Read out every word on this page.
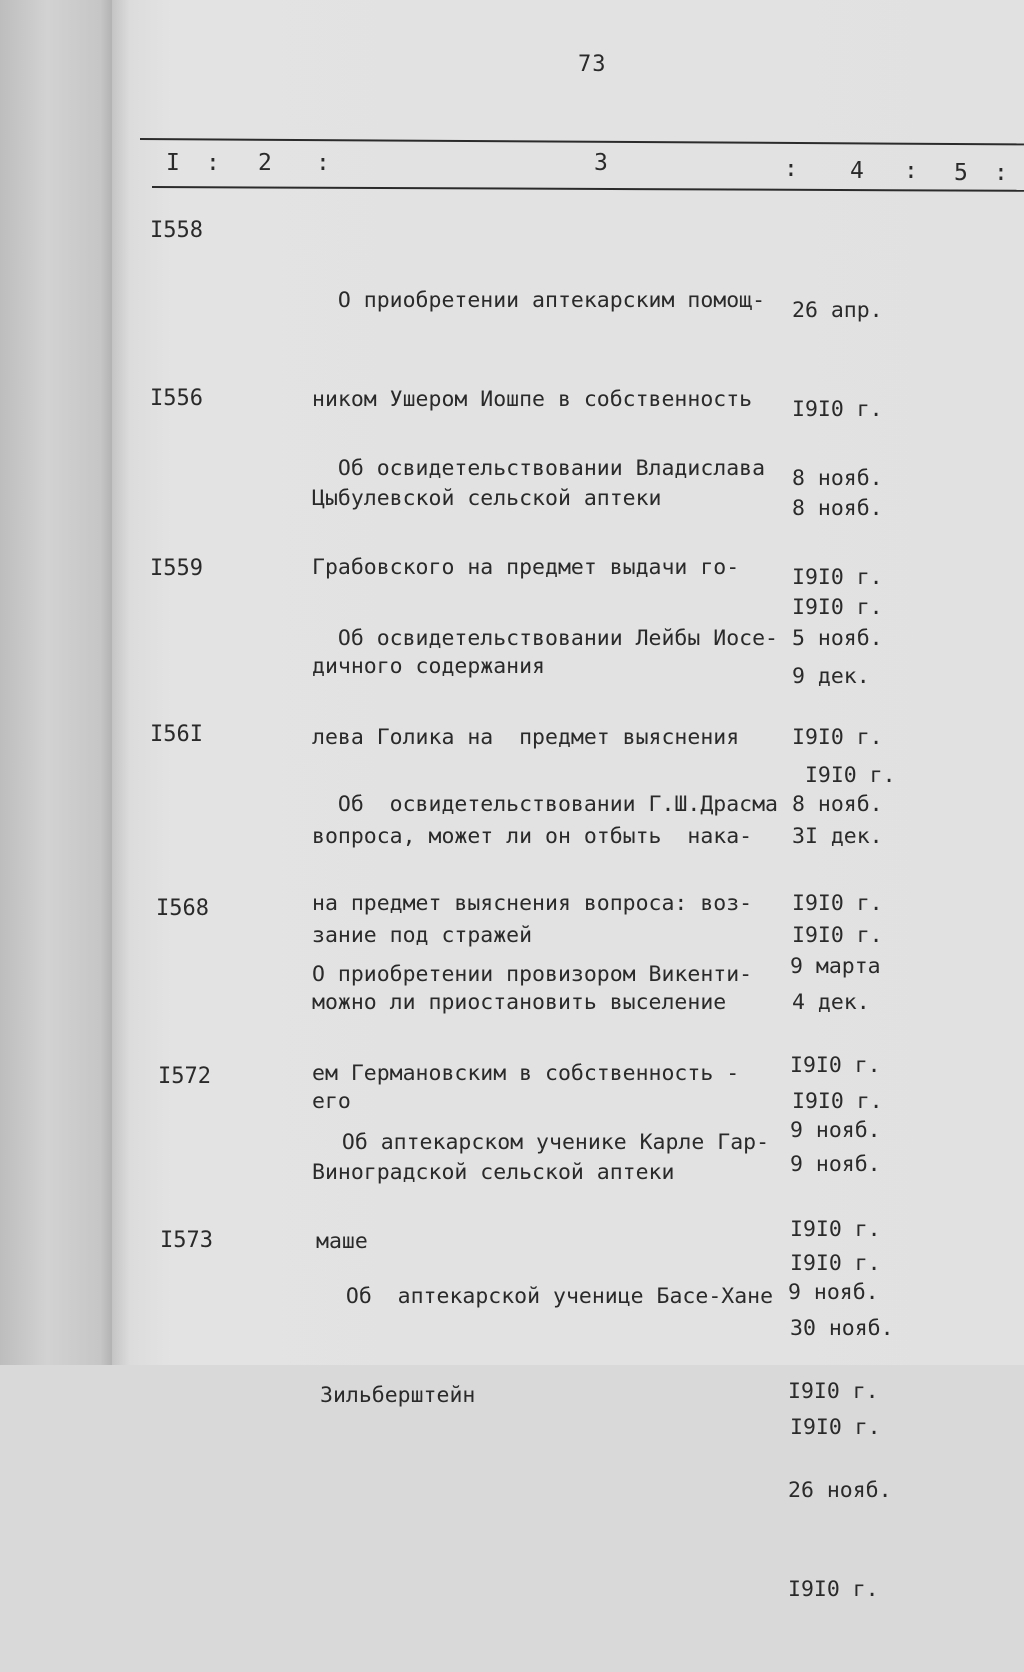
73
I : 2 :	3	: 4 : 5 :
I558

О приобретении аптекарским помощ-

ником Ушером Иошпе в собственность

Цыбулевской сельской аптеки

26 апр.

I9I0 г.

8 нояб.

I9I0 г.

I556

Об освидетельствовании Владислава

Грабовского на предмет выдачи го-

дичного содержания

8 нояб.

I9I0 г.

9 дек.

I9I0 г.

I559

Об освидетельствовании Лейбы Иосе-

лева Голика на  предмет выяснения

вопроса, может ли он отбыть  нака-

зание под стражей

5 нояб.

I9I0 г.

3I дек.

I9I0 г.

I56I

Об  освидетельствовании Г.Ш.Драсма

на предмет выяснения вопроса: воз-

можно ли приостановить выселение

его

8 нояб.

I9I0 г.

4 дек.

I9I0 г.

I568

О приобретении провизором Викенти-

ем Германовским в собственность -

Виноградской сельской аптеки

9 марта

I9I0 г.

9 нояб.

I9I0 г.

I572

Об аптекарском ученике Карле Гар-

маше

9 нояб.

I9I0 г.

30 нояб.

I9I0 г.

I573

Об  аптекарской ученице Басе-Хане

Зильберштейн

9 нояб.

I9I0 г.

26 нояб.

I9I0 г.
